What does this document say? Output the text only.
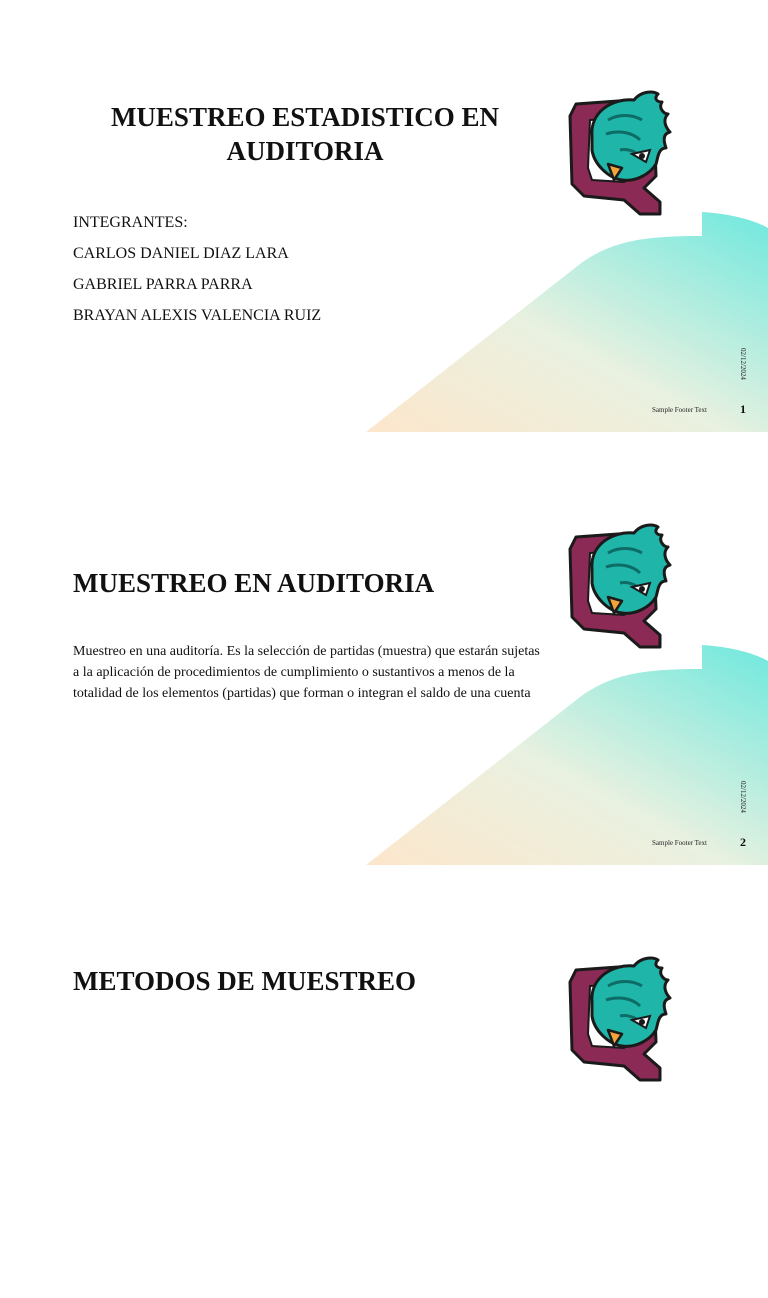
MUESTREO ESTADISTICO EN AUDITORIA
INTEGRANTES:
CARLOS DANIEL DIAZ LARA
GABRIEL PARRA PARRA
BRAYAN ALEXIS VALENCIA RUIZ
02/12/2024
Sample Footer Text	1
MUESTREO EN AUDITORIA

Muestreo en una auditoría. Es la selección de partidas (muestra) que estarán sujetas a la aplicación de procedimientos de cumplimiento o sustantivos a menos de la totalidad de los elementos (partidas) que forman o integran el saldo de una cuenta

02/12/2024
Sample Footer Text	2
METODOS DE MUESTREO
